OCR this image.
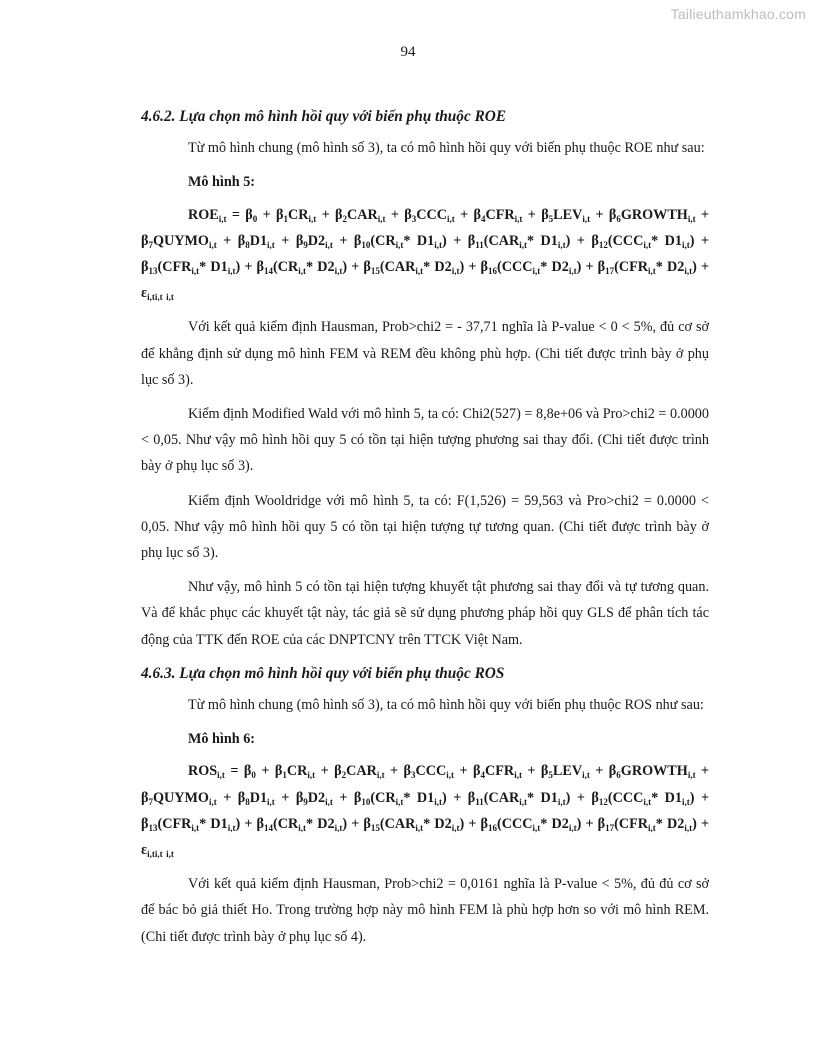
Tailieuthamkhao.com
94
4.6.2. Lựa chọn mô hình hồi quy với biến phụ thuộc ROE

Từ mô hình chung (mô hình số 3), ta có mô hình hồi quy với biến phụ thuộc ROE như sau:

Mô hình 5:
$ROE_{i,t} = \beta_0 + \beta_1CR_{i,t} + \beta_2CAR_{i,t} + \beta_3CCC_{i,t} + \beta_4CFR_{i,t} + \beta_5LEV_{i,t}$ + $\beta_6GROWTH_{i,t}$ + $\beta_7QUYMO_{i,t} + \beta_8D1_{i,t} + \beta_9D2_{i,t} + \beta_{10}(CR_{i,t}*$ $D1_{i,t}) + \beta_{11}(CAR_{i,t}*$ $D1_{i,t}) + \beta_{12}(CCC_{i,t}*$ $D1_{i,t}) + \beta_{13}(CFR_{i,t}*$ $D1_{i,t}) + \beta_{14}(CR_{i,t}*$ $D2_{i,t}) + \beta_{15}(CAR_{i,t}*$ $D2_{i,t}) + \beta_{16}(CCC_{i,t}*$ $D2_{i,t}) + \beta_{17}(CFR_{i,t}*$ $D2_{i,t}) + \varepsilon_{i,ti,t}$ $_{i,t}$

Với kết quả kiểm định Hausman, Prob>chi2 = - 37,71 nghĩa là P-value < 0 < 5%, đủ cơ sở để khẳng định sử dụng mô hình FEM và REM đều không phù hợp. (Chi tiết được trình bày ở phụ lục số 3).

Kiểm định Modified Wald với mô hình 5, ta có: Chi2(527) = 8,8e+06 và Pro>chi2 = 0.0000 < 0,05. Như vậy mô hình hồi quy 5 có tồn tại hiện tượng phương sai thay đổi. (Chi tiết được trình bày ở phụ lục số 3).

Kiểm định Wooldridge với mô hình 5, ta có: F(1,526) = 59,563 và Pro>chi2 = 0.0000 < 0,05. Như vậy mô hình hồi quy 5 có tồn tại hiện tượng tự tương quan. (Chi tiết được trình bày ở phụ lục số 3).

Như vậy, mô hình 5 có tồn tại hiện tượng khuyết tật phương sai thay đổi và tự tương quan. Và để khắc phục các khuyết tật này, tác giả sẽ sử dụng phương pháp hồi quy GLS để phân tích tác động của TTK đến ROE của các DNPTCNY trên TTCK Việt Nam.

4.6.3. Lựa chọn mô hình hồi quy với biến phụ thuộc ROS

Từ mô hình chung (mô hình số 3), ta có mô hình hồi quy với biến phụ thuộc ROS như sau:

Mô hình 6:
$ROS_{i,t} = \beta_0 + \beta_1CR_{i,t} + \beta_2CAR_{i,t} + \beta_3CCC_{i,t} + \beta_4CFR_{i,t} + \beta_5LEV_{i,t}$ + $\beta_6GROWTH_{i,t}$ + $\beta_7QUYMO_{i,t} + \beta_8D1_{i,t} + \beta_9D2_{i,t} + \beta_{10}(CR_{i,t}*$ $D1_{i,t}) + \beta_{11}(CAR_{i,t}*$ $D1_{i,t}) + \beta_{12}(CCC_{i,t}*$ $D1_{i,t}) + \beta_{13}(CFR_{i,t}*$ $D1_{i,t}) + \beta_{14}(CR_{i,t}*$ $D2_{i,t}) + \beta_{15}(CAR_{i,t}*$ $D2_{i,t}) + \beta_{16}(CCC_{i,t}*$ $D2_{i,t}) + \beta_{17}(CFR_{i,t}*$ $D2_{i,t}) + \varepsilon_{i,ti,t}$ $_{i,t}$

Với kết quả kiểm định Hausman, Prob>chi2 = 0,0161 nghĩa là P-value < 5%, đủ đủ cơ sở để bác bỏ giả thiết Ho. Trong trường hợp này mô hình FEM là phù hợp hơn so với mô hình REM. (Chi tiết được trình bày ở phụ lục số 4).
